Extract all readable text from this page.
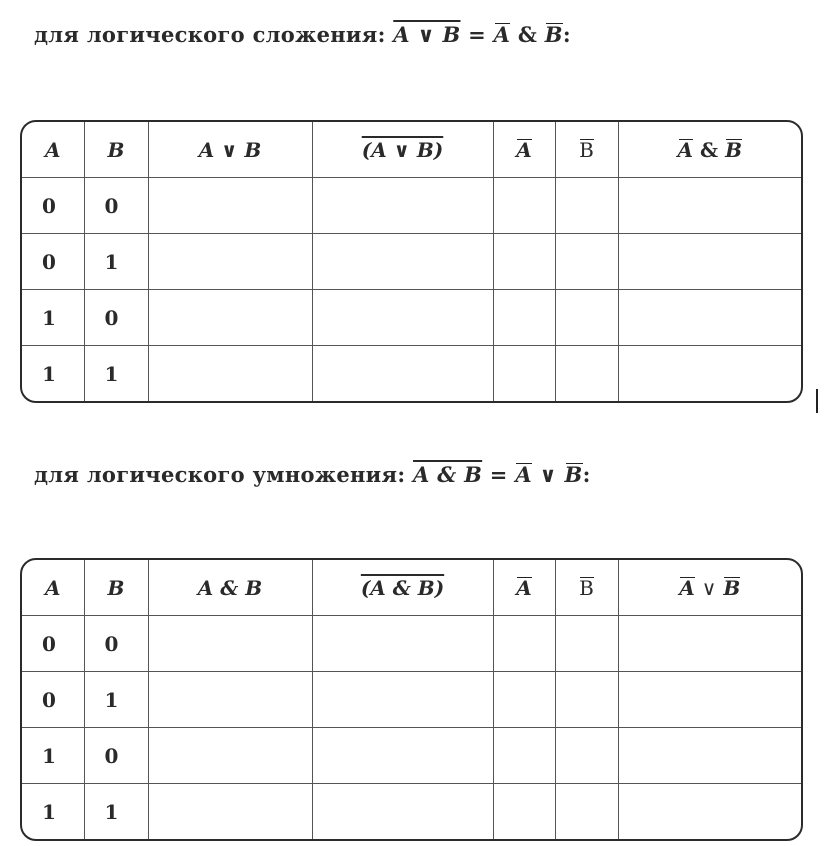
для логического сложения: A ∨ B = A & B:
A	B	A ∨ B	(A ∨ B)	A	B	A & B
0	0					
0	1					
1	0					
1	1					
для логического умножения: A & B = A ∨ B:
A	B	A & B	(A & B)	A	B	A ∨ B
0	0					
0	1					
1	0					
1	1					
